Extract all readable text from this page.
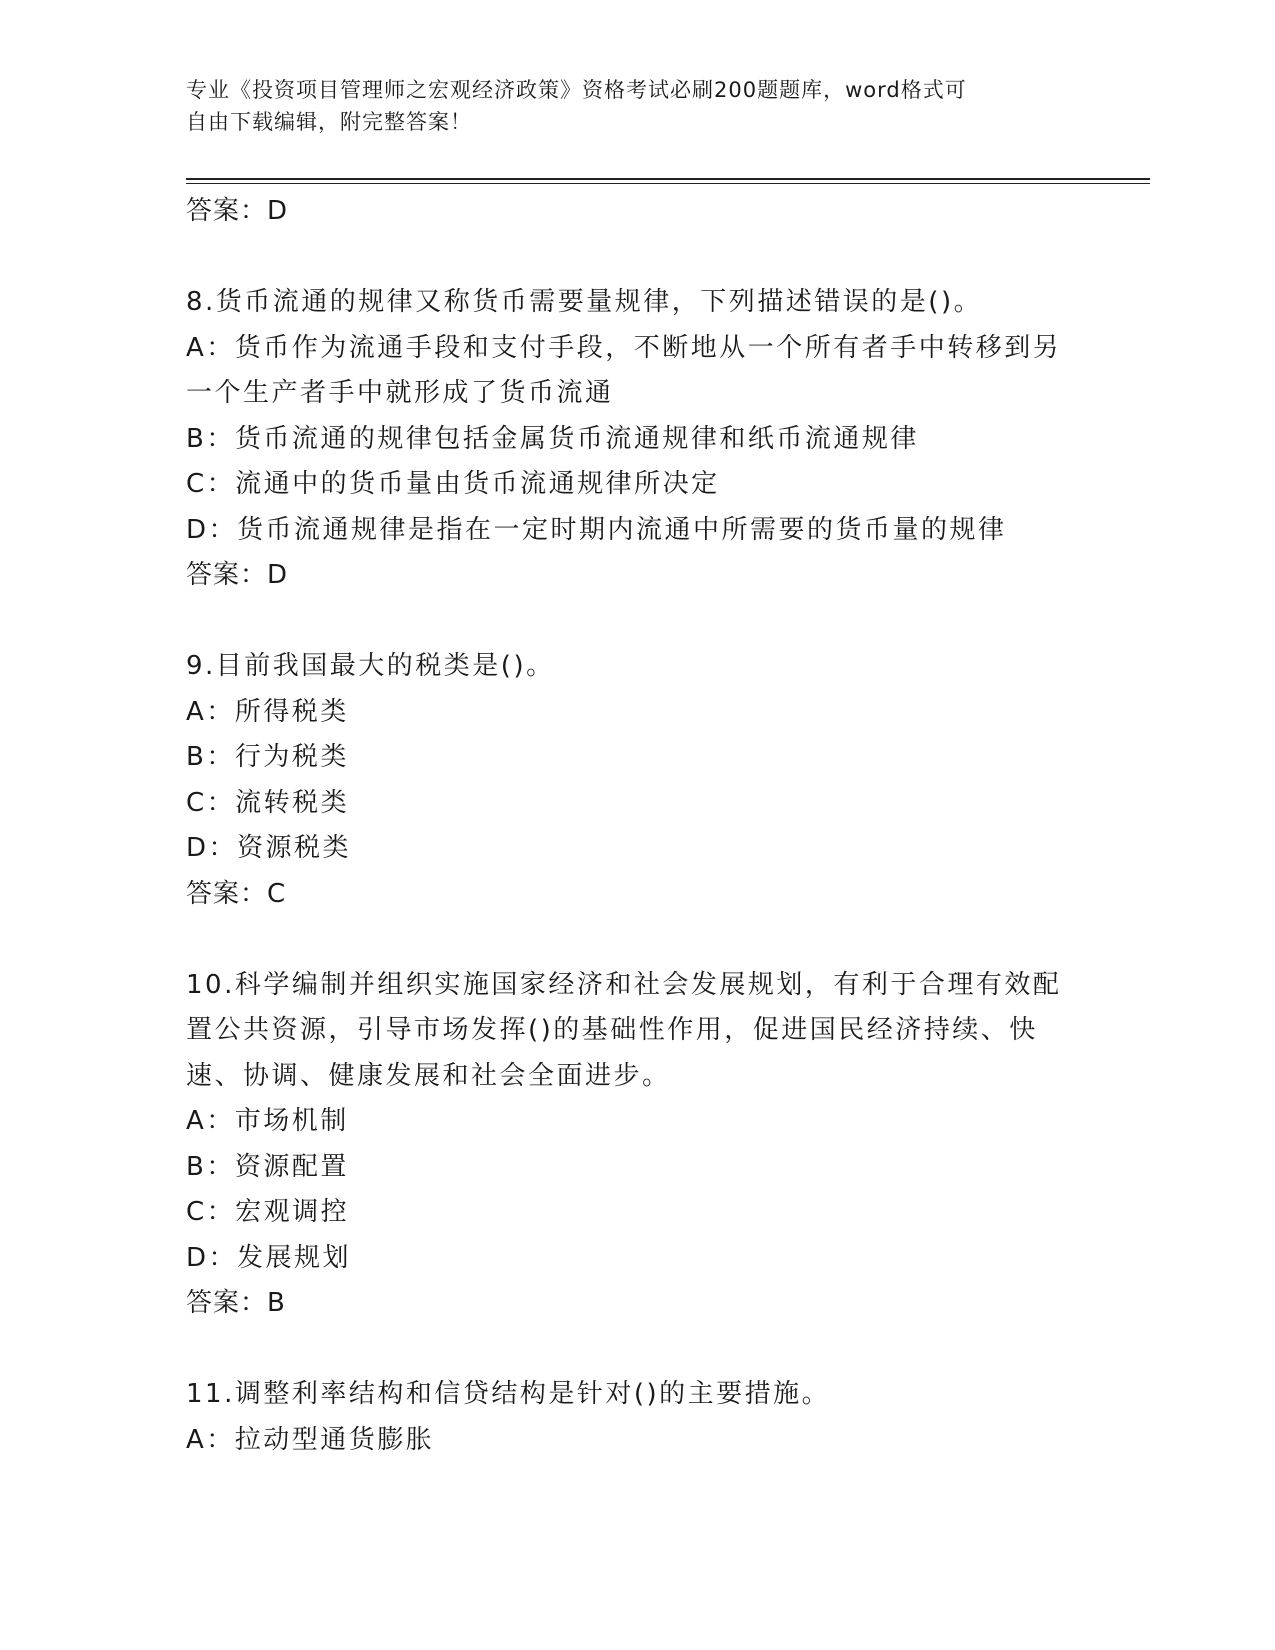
专业《投资项目管理师之宏观经济政策》资格考试必刷200题题库，word格式可
自由下载编辑，附完整答案！
答案：D
8.货币流通的规律又称货币需要量规律，下列描述错误的是()。
A：货币作为流通手段和支付手段，不断地从一个所有者手中转移到另
一个生产者手中就形成了货币流通
B：货币流通的规律包括金属货币流通规律和纸币流通规律
C：流通中的货币量由货币流通规律所决定
D：货币流通规律是指在一定时期内流通中所需要的货币量的规律
答案：D
9.目前我国最大的税类是()。
A：所得税类
B：行为税类
C：流转税类
D：资源税类
答案：C
10.科学编制并组织实施国家经济和社会发展规划，有利于合理有效配
置公共资源，引导市场发挥()的基础性作用，促进国民经济持续、快
速、协调、健康发展和社会全面进步。
A：市场机制
B：资源配置
C：宏观调控
D：发展规划
答案：B
11.调整利率结构和信贷结构是针对()的主要措施。
A：拉动型通货膨胀
